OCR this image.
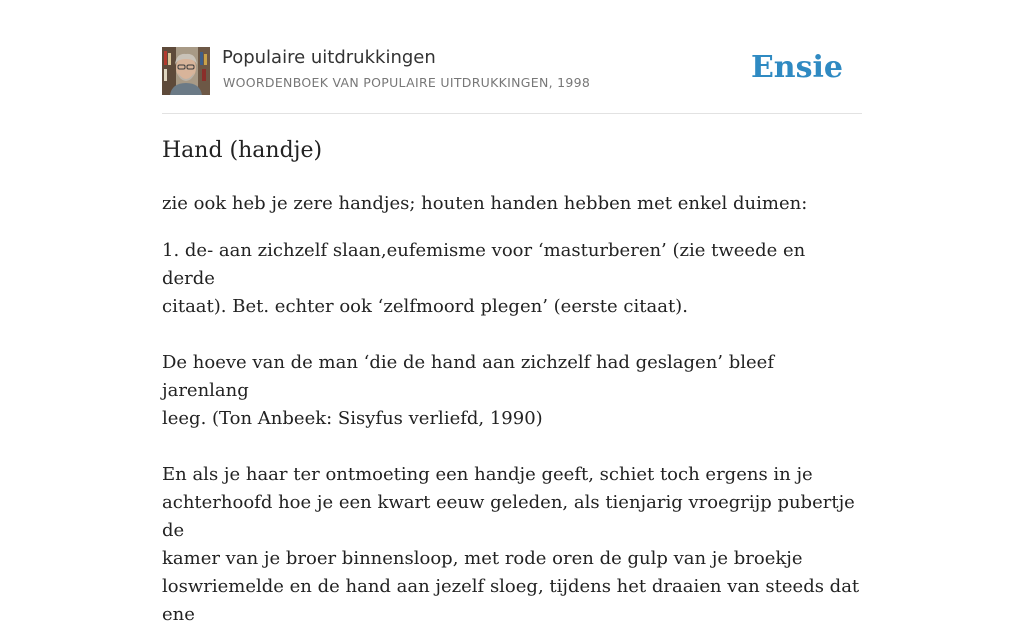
Populaire uitdrukkingen
WOORDENBOEK VAN POPULAIRE UITDRUKKINGEN, 1998	Ensie
Hand (handje)

zie ook heb je zere handjes; houten handen hebben met enkel duimen:

1. de- aan zichzelf slaan,eufemisme voor ‘masturberen’ (zie tweede en derde
citaat). Bet. echter ook ‘zelfmoord plegen’ (eerste citaat).
De hoeve van de man ‘die de hand aan zichzelf had geslagen’ bleef jarenlang
leeg. (Ton Anbeek: Sisyfus verliefd, 1990)
En als je haar ter ontmoeting een handje geeft, schiet toch ergens in je
achterhoofd hoe je een kwart eeuw geleden, als tienjarig vroegrijp pubertje de
kamer van je broer binnensloop, met rode oren de gulp van je broekje
loswriemelde en de hand aan jezelf sloeg, tijdens het draaien van steeds dat ene
